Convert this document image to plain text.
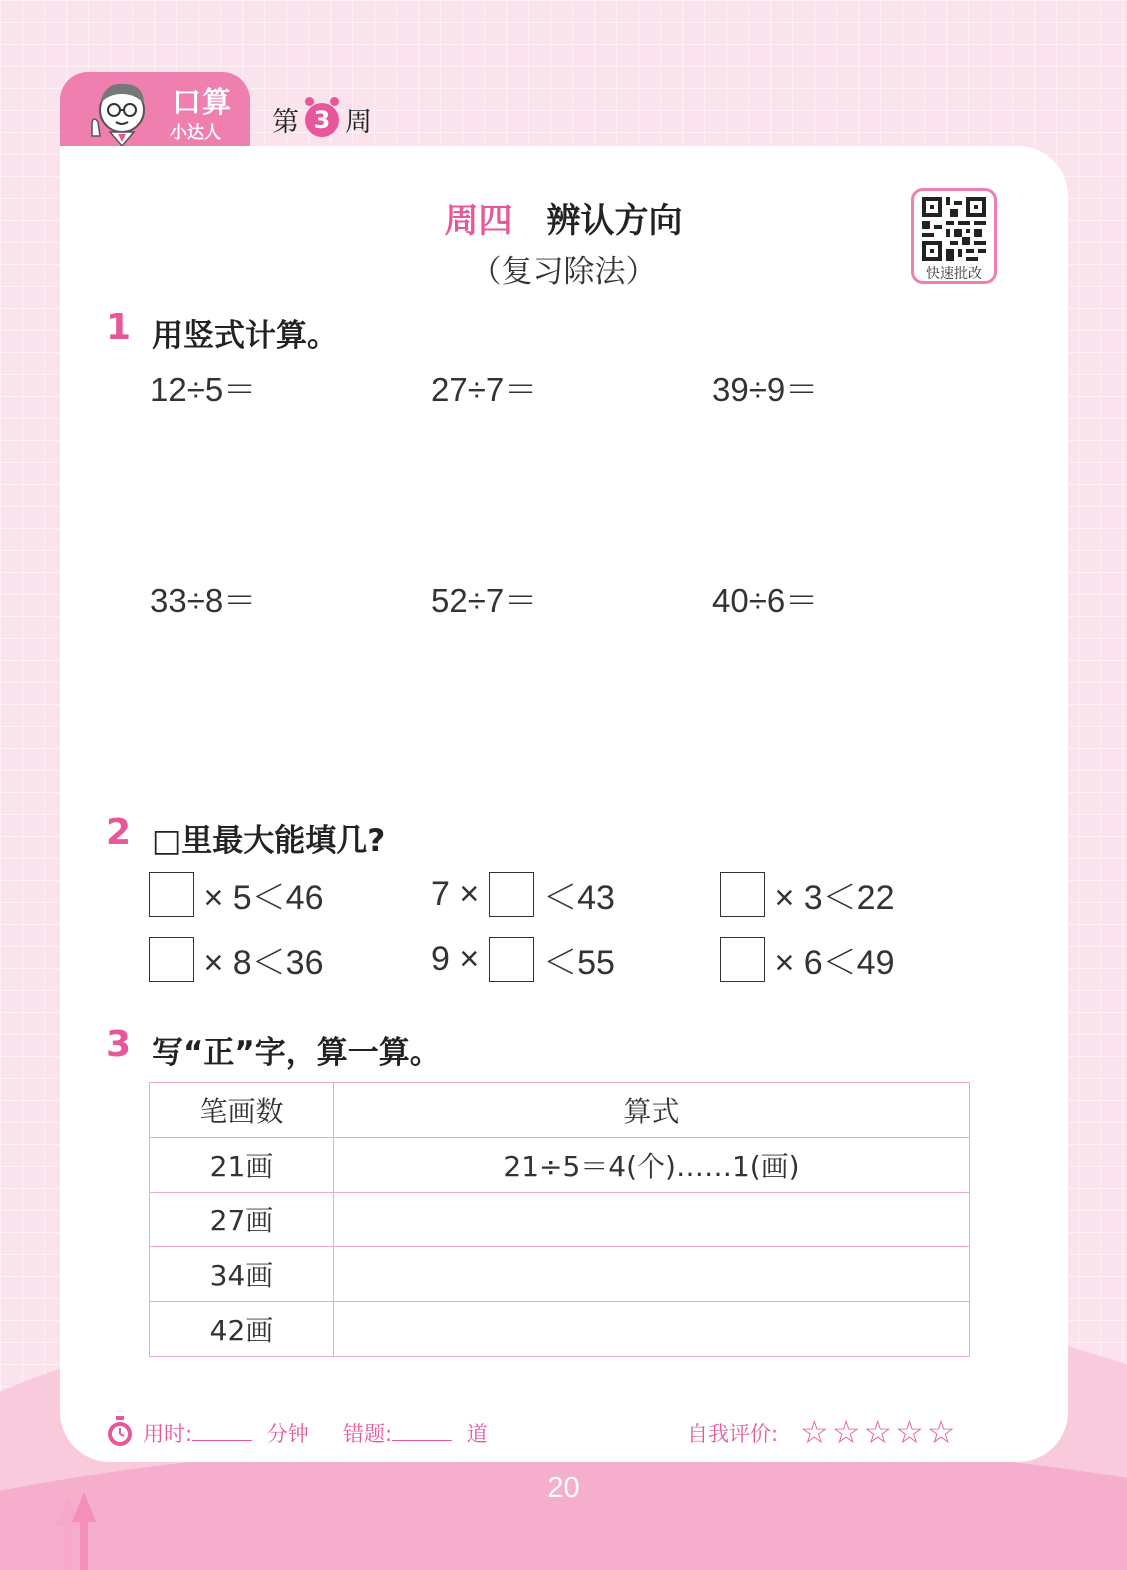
口算
小达人 第 3 周
周四 辨认方向
（复习除法）	快速批改
1 用竖式计算。
12÷5＝	27÷7＝	39÷9＝
33÷8＝	52÷7＝	40÷6＝
2 □里最大能填几?
× 5＜46	7 × ＜43	× 3＜22
× 8＜36	9 × ＜55	× 6＜49
3 写“正”字，算一算。
笔画数	算式
21画	21÷5＝4(个)……1(画)
27画	
34画	
42画	
用时:	分钟 错题:	道	自我评价: ☆☆☆☆☆
20
